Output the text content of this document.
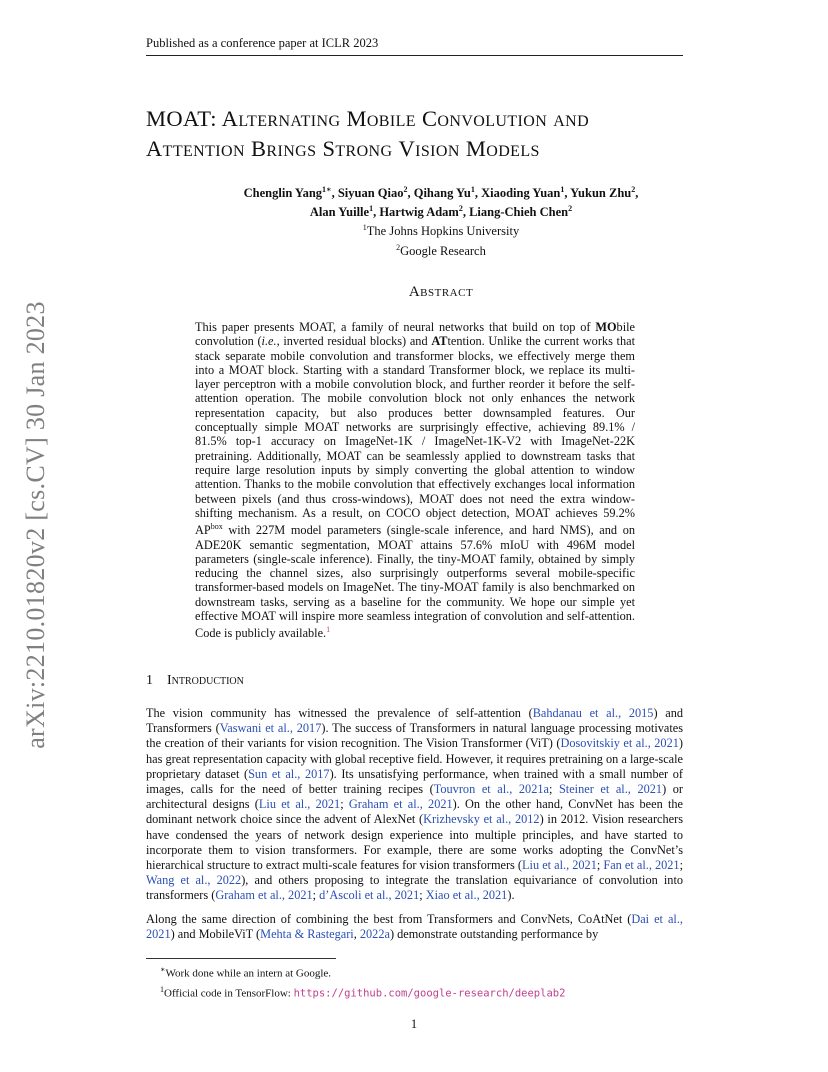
Published as a conference paper at ICLR 2023
arXiv:2210.01820v2 [cs.CV] 30 Jan 2023
MOAT: Alternating Mobile Convolution and
Attention Brings Strong Vision Models
Chenglin Yang$^{1∗}$, Siyuan Qiao$^2$, Qihang Yu$^1$, Xiaoding Yuan$^1$, Yukun Zhu$^2$,
Alan Yuille$^1$, Hartwig Adam$^2$, Liang-Chieh Chen$^2$
$^1$The Johns Hopkins University
$^2$Google Research
Abstract
This paper presents MOAT, a family of neural networks that build on top of MObile convolution (i.e., inverted residual blocks) and ATtention. Unlike the current works that stack separate mobile convolution and transformer blocks, we effectively merge them into a MOAT block. Starting with a standard Transformer block, we replace its multi-layer perceptron with a mobile convolution block, and further reorder it before the self-attention operation. The mobile convolution block not only enhances the network representation capacity, but also produces better downsampled features. Our conceptually simple MOAT networks are surprisingly effective, achieving 89.1% / 81.5% top-1 accuracy on ImageNet-1K / ImageNet-1K-V2 with ImageNet-22K pretraining. Additionally, MOAT can be seamlessly applied to downstream tasks that require large resolution inputs by simply converting the global attention to window attention. Thanks to the mobile convolution that effectively exchanges local information between pixels (and thus cross-windows), MOAT does not need the extra window-shifting mechanism. As a result, on COCO object detection, MOAT achieves 59.2% $AP^{box}$ with 227M model parameters (single-scale inference, and hard NMS), and on ADE20K semantic segmentation, MOAT attains 57.6% mIoU with 496M model parameters (single-scale inference). Finally, the tiny-MOAT family, obtained by simply reducing the channel sizes, also surprisingly outperforms several mobile-specific transformer-based models on ImageNet. The tiny-MOAT family is also benchmarked on downstream tasks, serving as a baseline for the community. We hope our simple yet effective MOAT will inspire more seamless integration of convolution and self-attention. Code is publicly available.$^1$
1 Introduction

The vision community has witnessed the prevalence of self-attention (Bahdanau et al., 2015) and Transformers (Vaswani et al., 2017). The success of Transformers in natural language processing motivates the creation of their variants for vision recognition. The Vision Transformer (ViT) (Dosovitskiy et al., 2021) has great representation capacity with global receptive field. However, it requires pretraining on a large-scale proprietary dataset (Sun et al., 2017). Its unsatisfying performance, when trained with a small number of images, calls for the need of better training recipes (Touvron et al., 2021a; Steiner et al., 2021) or architectural designs (Liu et al., 2021; Graham et al., 2021). On the other hand, ConvNet has been the dominant network choice since the advent of AlexNet (Krizhevsky et al., 2012) in 2012. Vision researchers have condensed the years of network design experience into multiple principles, and have started to incorporate them to vision transformers. For example, there are some works adopting the ConvNet’s hierarchical structure to extract multi-scale features for vision transformers (Liu et al., 2021; Fan et al., 2021; Wang et al., 2022), and others proposing to integrate the translation equivariance of convolution into transformers (Graham et al., 2021; d’Ascoli et al., 2021; Xiao et al., 2021).

Along the same direction of combining the best from Transformers and ConvNets, CoAtNet (Dai et al., 2021) and MobileViT (Mehta & Rastegari, 2022a) demonstrate outstanding performance by

∗Work done while an intern at Google.
$^1$Official code in TensorFlow: https://github.com/google-research/deeplab2
1
